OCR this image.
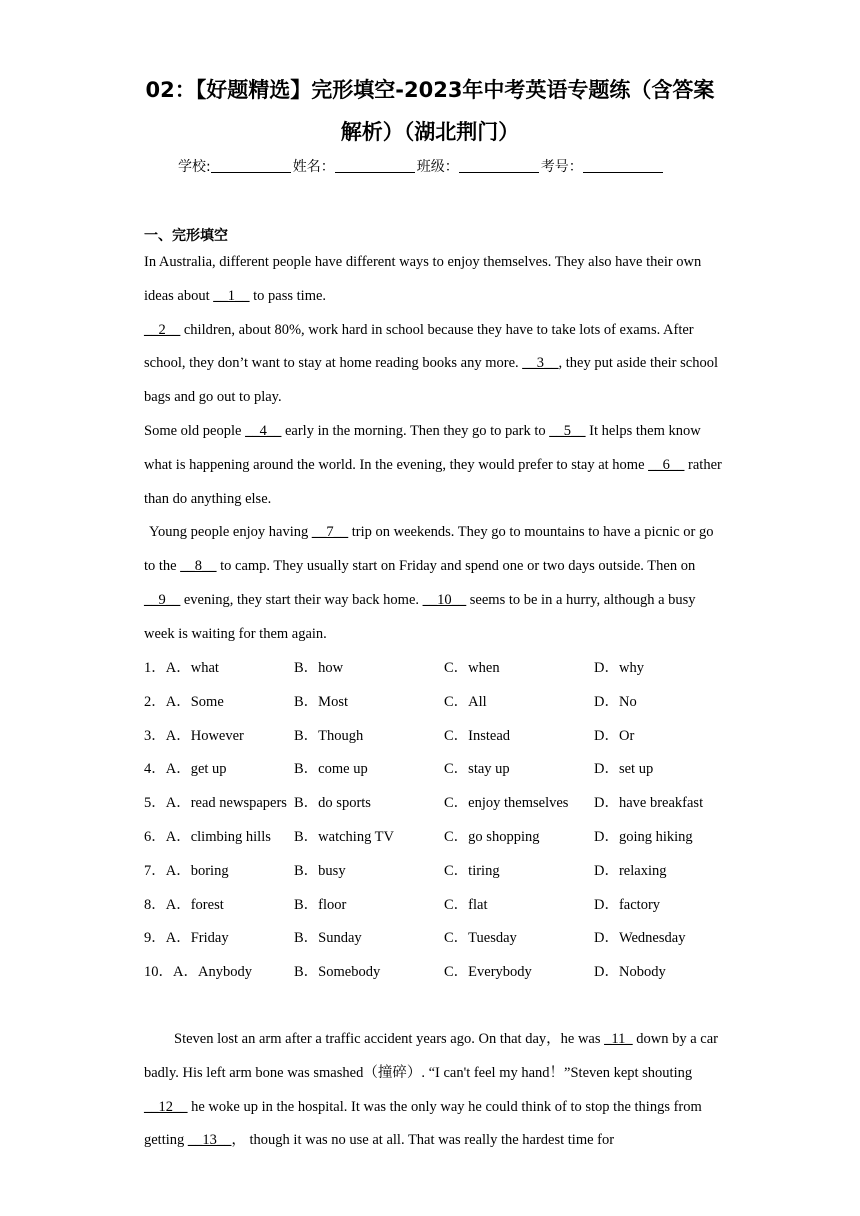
02：【好题精选】完形填空-2023年中考英语专题练（含答案
解析）（湖北荆门）
学校:	姓名：	班级：	考号：
一、完形填空

In Australia, different people have different ways to enjoy themselves. They also have their own ideas about __1__ to pass time.

__2__ children, about 80%, work hard in school because they have to take lots of exams. After school, they don’t want to stay at home reading books any more. __3__, they put aside their school bags and go out to play.

Some old people __4__ early in the morning. Then they go to park to __5__ It helps them know what is happening around the world. In the evening, they would prefer to stay at home __6__ rather than do anything else.

Young people enjoy having __7__ trip on weekends. They go to mountains to have a picnic or go to the __8__ to camp. They usually start on Friday and spend one or two days outside. Then on __9__ evening, they start their way back home. __10__ seems to be in a hurry, although a busy week is waiting for them again.

1．A．what	B．how	C．when	D．why
2．A．Some	B．Most	C．All	D．No
3．A．However	B．Though	C．Instead	D．Or
4．A．get up	B．come up	C．stay up	D．set up
5．A．read newspapers B．do sports	C．enjoy themselves D．have breakfast
6．A．climbing hills B．watching TV	C．go shopping	D．going hiking
7．A．boring	B．busy	C．tiring	D．relaxing
8．A．forest	B．floor	C．flat	D．factory
9．A．Friday	B．Sunday	C．Tuesday	D．Wednesday
10．A．Anybody	B．Somebody	C．Everybody	D．Nobody

Steven lost an arm after a traffic accident years ago. On that day，he was _11_ down by a car badly. His left arm bone was smashed（撞碎）. “I can't feel my hand！”Steven kept shouting __12__ he woke up in the hospital. It was the only way he could think of to stop the things from getting __13__， though it was no use at all. That was really the hardest time for
